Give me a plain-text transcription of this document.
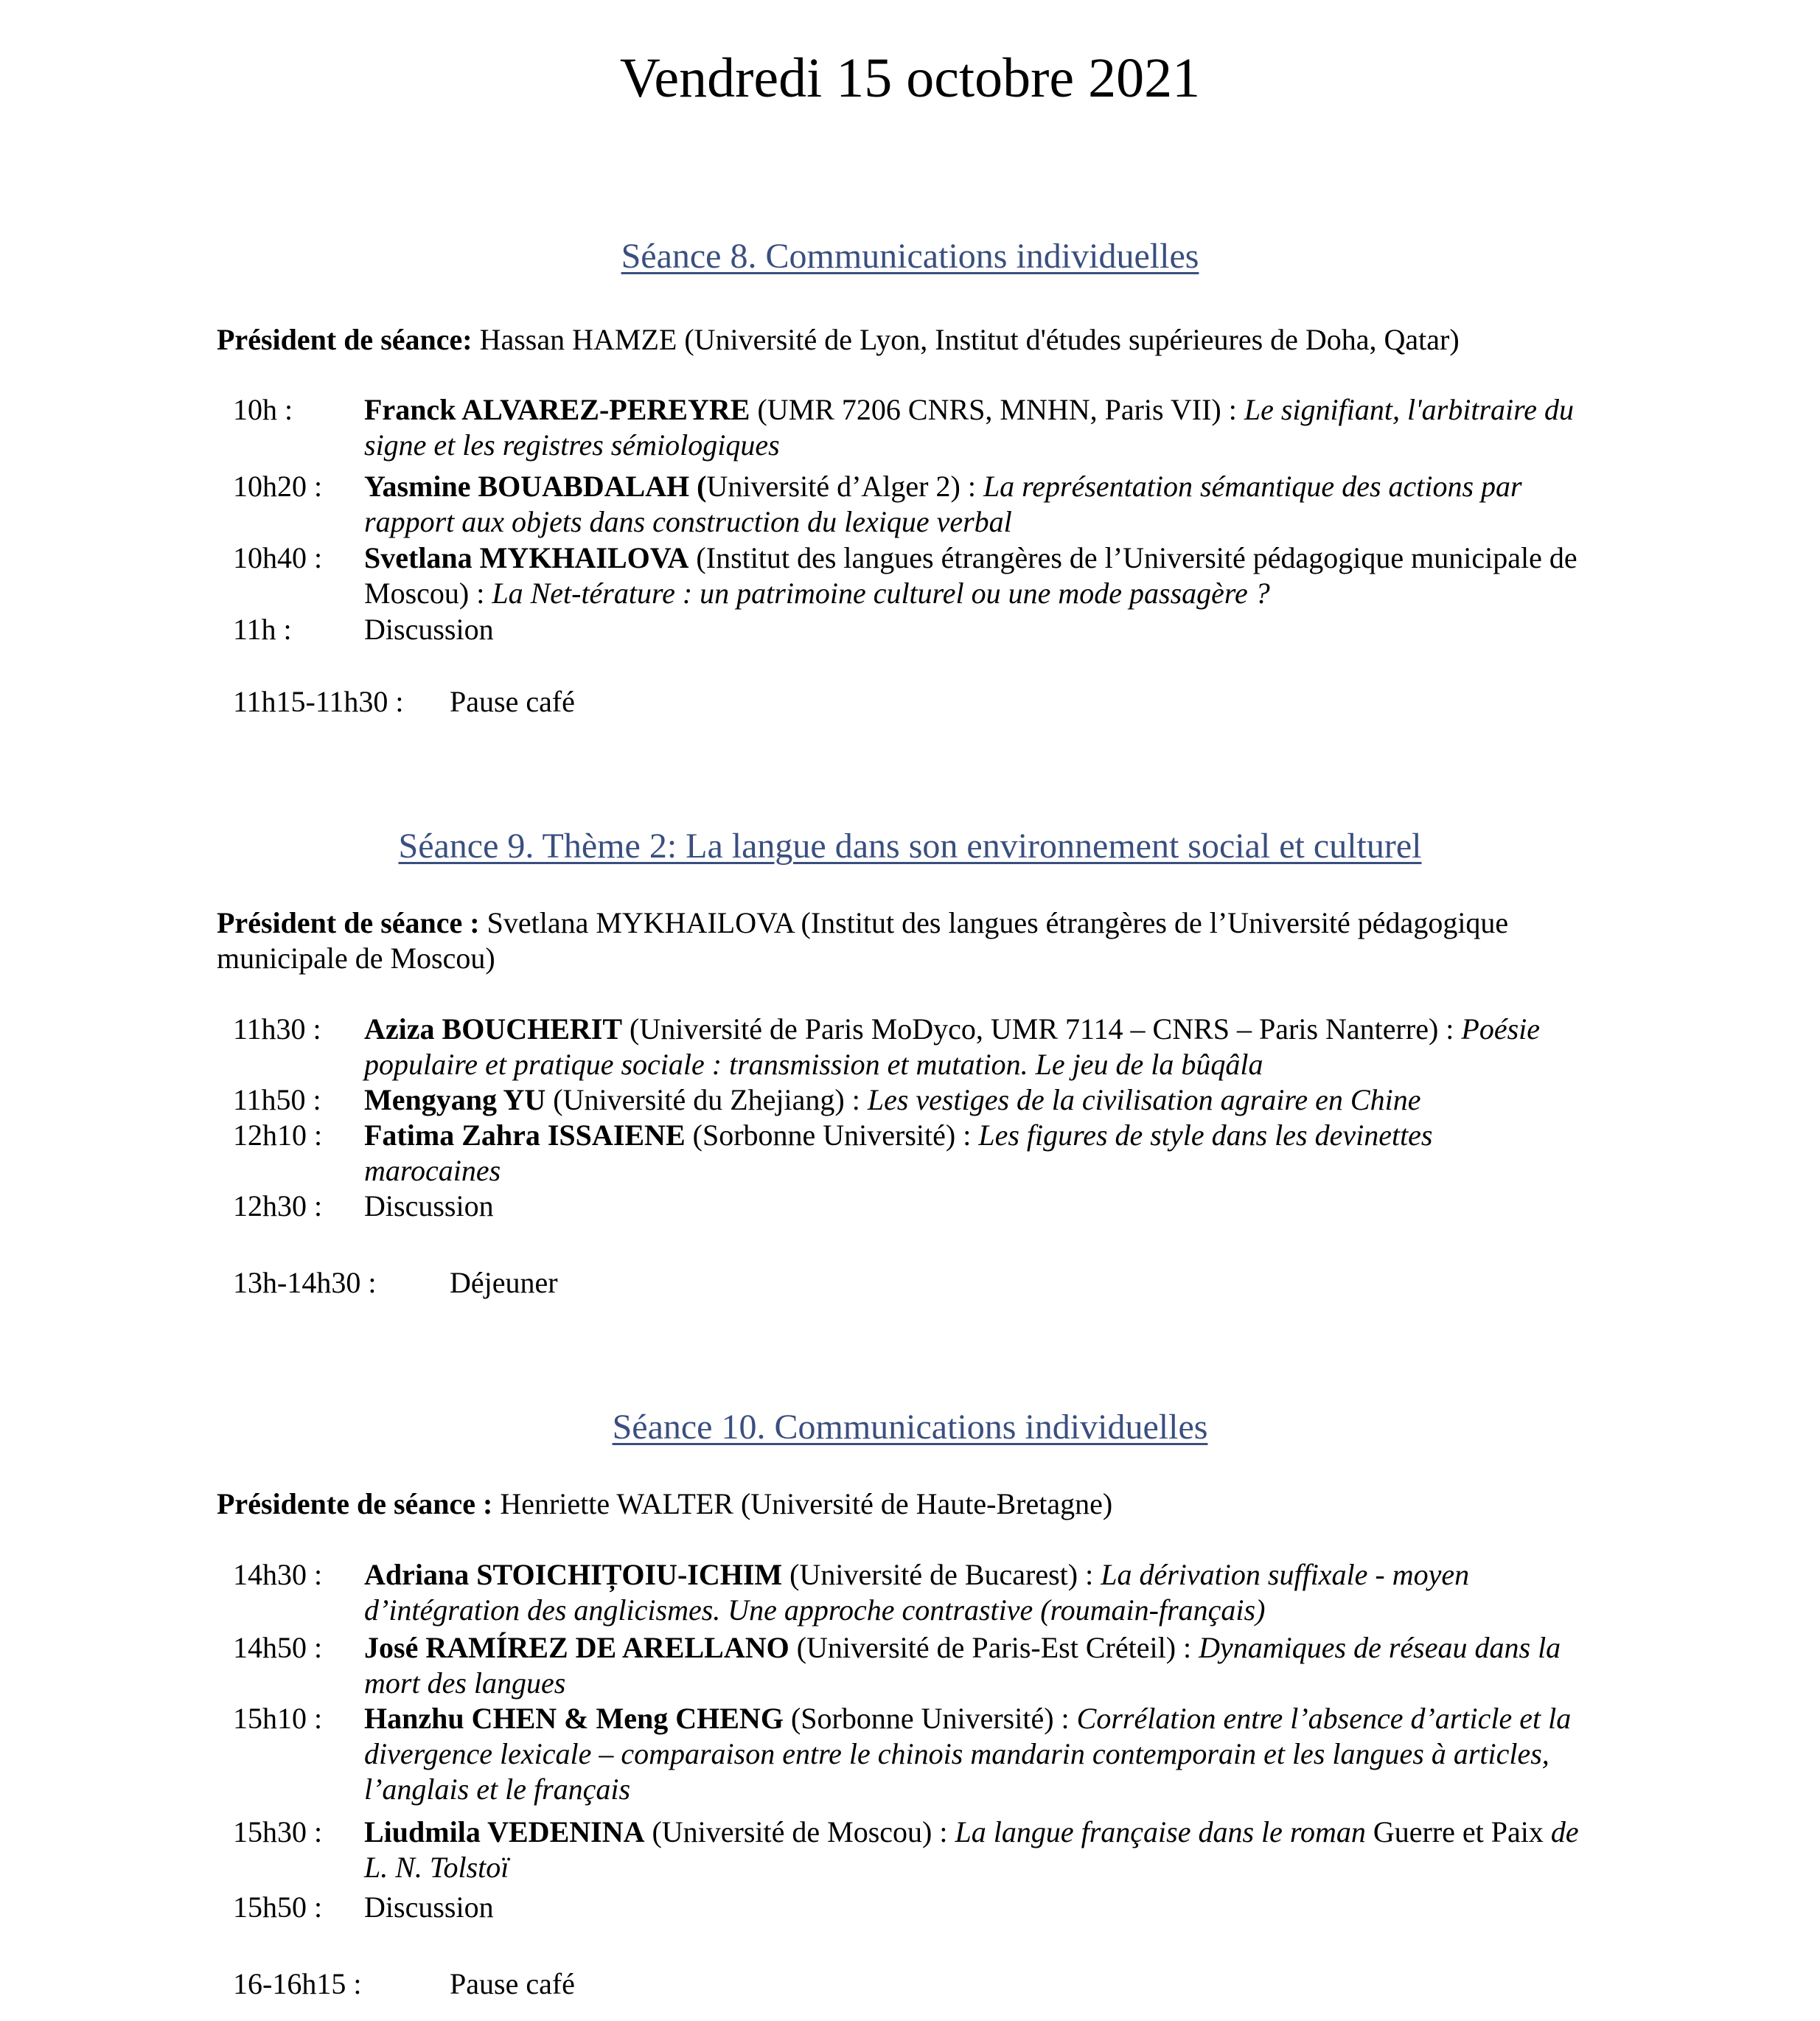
Vendredi 15 octobre 2021
Séance 8. Communications individuelles
Président de séance: Hassan HAMZE (Université de Lyon, Institut d'études supérieures de Doha, Qatar)
10h : Franck ALVAREZ-PEREYRE (UMR 7206 CNRS, MNHN, Paris VII) : Le signifiant, l'arbitraire du signe et les registres sémiologiques
10h20 : Yasmine BOUABDALAH (Université d’Alger 2) : La représentation sémantique des actions par rapport aux objets dans construction du lexique verbal
10h40 : Svetlana MYKHAILOVA (Institut des langues étrangères de l’Université pédagogique municipale de Moscou) : La Net-térature : un patrimoine culturel ou une mode passagère ?
11h : Discussion
11h15-11h30 : Pause café
Séance 9. Thème 2: La langue dans son environnement social et culturel
Président de séance : Svetlana MYKHAILOVA (Institut des langues étrangères de l’Université pédagogique municipale de Moscou)
11h30 : Aziza BOUCHERIT (Université de Paris MoDyco, UMR 7114 – CNRS – Paris Nanterre) : Poésie populaire et pratique sociale : transmission et mutation. Le jeu de la bûqâla
11h50 : Mengyang YU (Université du Zhejiang) : Les vestiges de la civilisation agraire en Chine
12h10 : Fatima Zahra ISSAIENE (Sorbonne Université) : Les figures de style dans les devinettes marocaines
12h30 : Discussion
13h-14h30 : Déjeuner
Séance 10. Communications individuelles
Présidente de séance : Henriette WALTER (Université de Haute-Bretagne)
14h30 : Adriana STOICHIȚOIU-ICHIM (Université de Bucarest) : La dérivation suffixale - moyen d’intégration des anglicismes. Une approche contrastive (roumain-français)
14h50 : José RAMÍREZ DE ARELLANO (Université de Paris-Est Créteil) : Dynamiques de réseau dans la mort des langues
15h10 : Hanzhu CHEN & Meng CHENG (Sorbonne Université) : Corrélation entre l’absence d’article et la divergence lexicale – comparaison entre le chinois mandarin contemporain et les langues à articles, l’anglais et le français
15h30 : Liudmila VEDENINA (Université de Moscou) : La langue française dans le roman Guerre et Paix de L. N. Tolstoï
15h50 : Discussion
16-16h15 :	Pause café
